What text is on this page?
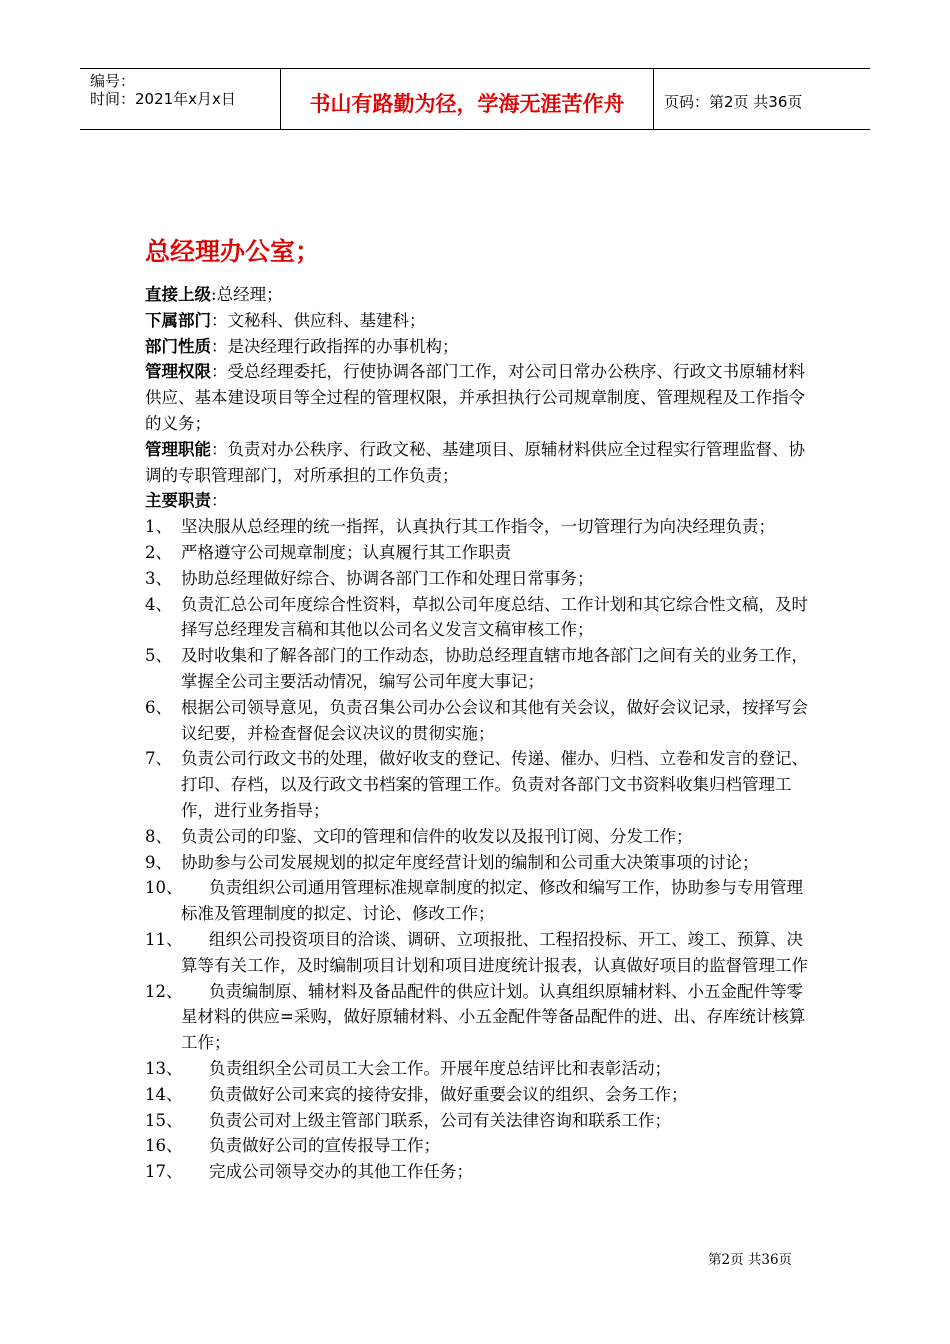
编号：
时间：2021年x月x日	书山有路勤为径，学海无涯苦作舟	页码：第2页 共36页
总经理办公室；
直接上级:总经理；
下属部门：文秘科、供应科、基建科；
部门性质：是决经理行政指挥的办事机构；
管理权限：受总经理委托，行使协调各部门工作，对公司日常办公秩序、行政文书原辅材料供应、基本建设项目等全过程的管理权限，并承担执行公司规章制度、管理规程及工作指令的义务；
管理职能：负责对办公秩序、行政文秘、基建项目、原辅材料供应全过程实行管理监督、协调的专职管理部门，对所承担的工作负责；
主要职责：
1、 坚决服从总经理的统一指挥，认真执行其工作指令，一切管理行为向决经理负责；
2、 严格遵守公司规章制度；认真履行其工作职责
3、 协助总经理做好综合、协调各部门工作和处理日常事务；
4、 负责汇总公司年度综合性资料，草拟公司年度总结、工作计划和其它综合性文稿，及时择写总经理发言稿和其他以公司名义发言文稿审核工作；
5、 及时收集和了解各部门的工作动态，协助总经理直辖市地各部门之间有关的业务工作，掌握全公司主要活动情况，编写公司年度大事记；
6、 根据公司领导意见，负责召集公司办公会议和其他有关会议，做好会议记录，按择写会议纪要，并检查督促会议决议的贯彻实施；
7、 负责公司行政文书的处理，做好收支的登记、传递、催办、归档、立卷和发言的登记、打印、存档，以及行政文书档案的管理工作。负责对各部门文书资料收集归档管理工作，进行业务指导；
8、 负责公司的印鉴、文印的管理和信件的收发以及报刊订阅、分发工作；
9、 协助参与公司发展规划的拟定年度经营计划的编制和公司重大决策事项的讨论；
10、	负责组织公司通用管理标准规章制度的拟定、修改和编写工作，协助参与专用管理标准及管理制度的拟定、讨论、修改工作；
11、	组织公司投资项目的洽谈、调研、立项报批、工程招投标、开工、竣工、预算、决算等有关工作，及时编制项目计划和项目进度统计报表，认真做好项目的监督管理工作
12、	负责编制原、辅材料及备品配件的供应计划。认真组织原辅材料、小五金配件等零星材料的供应=采购，做好原辅材料、小五金配件等备品配件的进、出、存库统计核算工作；
13、	负责组织全公司员工大会工作。开展年度总结评比和表彰活动；
14、	负责做好公司来宾的接待安排，做好重要会议的组织、会务工作；
15、	负责公司对上级主管部门联系，公司有关法律咨询和联系工作；
16、	负责做好公司的宣传报导工作；
17、	完成公司领导交办的其他工作任务；
第2页 共36页
